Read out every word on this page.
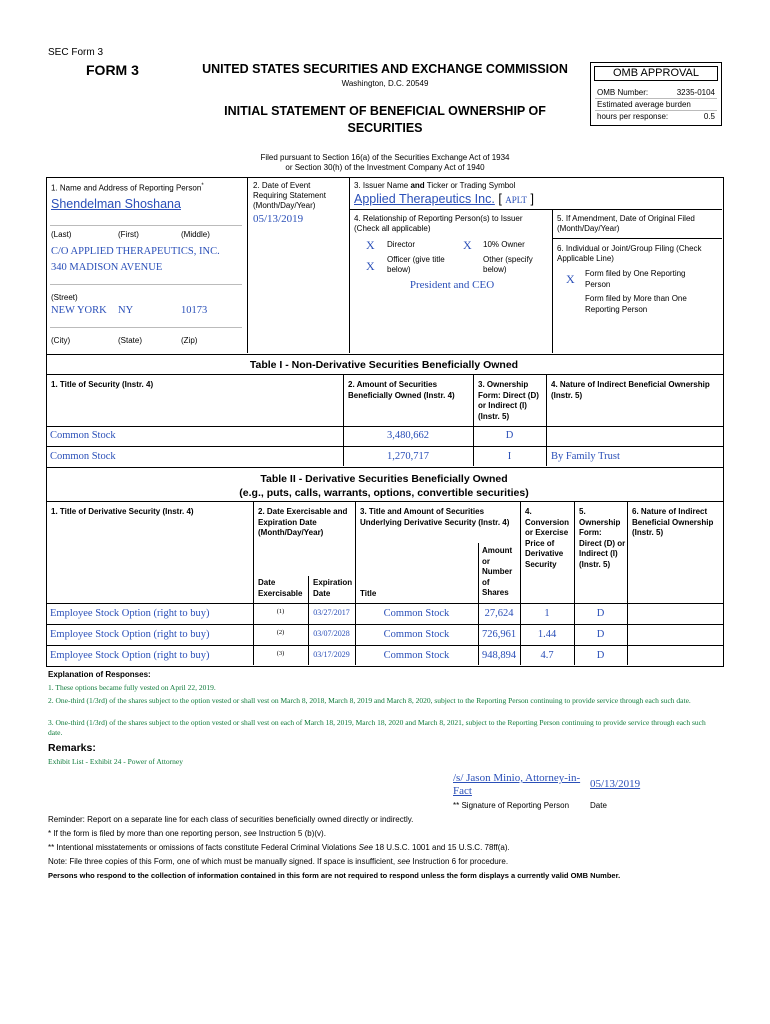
SEC Form 3
FORM 3	UNITED STATES SECURITIES AND EXCHANGE COMMISSION
Washington, D.C. 20549
INITIAL STATEMENT OF BENEFICIAL OWNERSHIP OF SECURITIES
OMB APPROVAL
OMB Number:	3235-0104
Estimated average burden
hours per response:	0.5
Filed pursuant to Section 16(a) of the Securities Exchange Act of 1934
or Section 30(h) of the Investment Company Act of 1940
1. Name and Address of Reporting Person*
Shendelman Shoshana
(Last)	(First)	(Middle)
C/O APPLIED THERAPEUTICS, INC.
340 MADISON AVENUE
(Street)
NEW YORK NY	10173
(City)	(State)	(Zip)
2. Date of Event Requiring Statement (Month/Day/Year)
05/13/2019
3. Issuer Name and Ticker or Trading Symbol
Applied Therapeutics Inc. [ APLT ]
4. Relationship of Reporting Person(s) to Issuer (Check all applicable)
X Director	X 10% Owner
X Officer (give title below)
Other (specify below)
President and CEO
5. If Amendment, Date of Original Filed (Month/Day/Year)
6. Individual or Joint/Group Filing (Check Applicable Line)
X Form filed by One Reporting Person
Form filed by More than One Reporting Person
Table I - Non-Derivative Securities Beneficially Owned
1. Title of Security (Instr. 4)	2. Amount of Securities Beneficially Owned (Instr. 4)
3. Ownership Form: Direct (D) or Indirect (I) (Instr. 5)
4. Nature of Indirect Beneficial Ownership (Instr. 5)
Common Stock	3,480,662	D
Common Stock	1,270,717	I	By Family Trust
Table II - Derivative Securities Beneficially Owned
(e.g., puts, calls, warrants, options, convertible securities)
1. Title of Derivative Security (Instr. 4)	2. Date Exercisable and Expiration Date (Month/Day/Year)
3. Title and Amount of Securities Underlying Derivative Security (Instr. 4)
4. Conversion or Exercise Price of Derivative Security
5. Ownership Form: Direct (D) or Indirect (I) (Instr. 5)
6. Nature of Indirect Beneficial Ownership (Instr. 5)
Date Exercisable
Expiration Date	Title
Amount or Number of Shares
Employee Stock Option (right to buy)	(1)	03/27/2017	Common Stock	27,624	1	D
Employee Stock Option (right to buy)	(2)	03/07/2028	Common Stock	726,961	1.44	D
Employee Stock Option (right to buy)	(3)	03/17/2029	Common Stock	948,894	4.7	D
Explanation of Responses:
1. These options became fully vested on April 22, 2019.
2. One-third (1/3rd) of the shares subject to the option vested or shall vest on March 8, 2018, March 8, 2019 and March 8, 2020, subject to the Reporting Person continuing to provide service through each such date.
3. One-third (1/3rd) of the shares subject to the option vested or shall vest on each of March 18, 2019, March 18, 2020 and March 8, 2021, subject to the Reporting Person continuing to provide service through each such date.
Remarks:
Exhibit List - Exhibit 24 - Power of Attorney
/s/ Jason Minio, Attorney-in-Fact
05/13/2019
** Signature of Reporting Person	Date
Reminder: Report on a separate line for each class of securities beneficially owned directly or indirectly.
* If the form is filed by more than one reporting person, see Instruction 5 (b)(v).
** Intentional misstatements or omissions of facts constitute Federal Criminal Violations See 18 U.S.C. 1001 and 15 U.S.C. 78ff(a).
Note: File three copies of this Form, one of which must be manually signed. If space is insufficient, see Instruction 6 for procedure.
Persons who respond to the collection of information contained in this form are not required to respond unless the form displays a currently valid OMB Number.
